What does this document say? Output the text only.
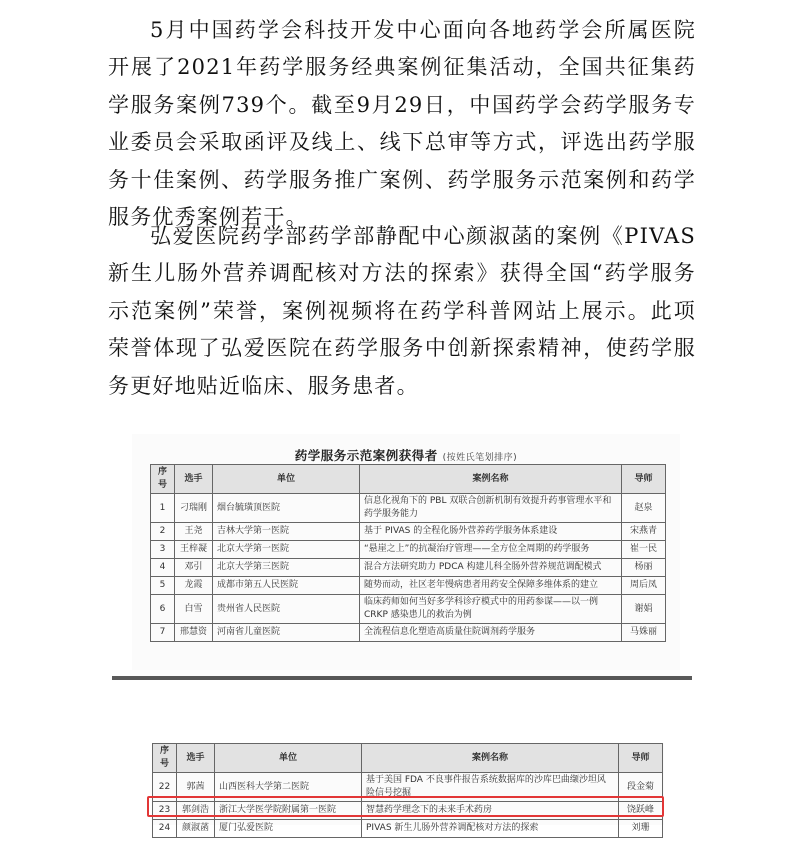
5月中国药学会科技开发中心面向各地药学会所属医院开展了2021年药学服务经典案例征集活动，全国共征集药学服务案例739个。截至9月29日，中国药学会药学服务专业委员会采取函评及线上、线下总审等方式，评选出药学服务十佳案例、药学服务推广案例、药学服务示范案例和药学服务优秀案例若干。

弘爱医院药学部药学部静配中心颜淑菡的案例《PIVAS新生儿肠外营养调配核对方法的探索》获得全国“药学服务示范案例”荣誉，案例视频将在药学科普网站上展示。此项荣誉体现了弘爱医院在药学服务中创新探索精神，使药学服务更好地贴近临床、服务患者。

药学服务示范案例获得者 (按姓氏笔划排序)
序号	选手	单位	案例名称	导师
1	刁瑞刚	烟台毓璜顶医院	信息化视角下的 PBL 双联合创新机制有效提升药事管理水平和药学服务能力	赵泉
2	王尧	吉林大学第一医院	基于 PIVAS 的全程化肠外营养药学服务体系建设	宋燕青
3	王梓凝	北京大学第一医院	“悬崖之上”的抗凝治疗管理——全方位全周期的药学服务	崔一民
4	邓引	北京大学第三医院	混合方法研究助力 PDCA 构建儿科全肠外营养规范调配模式	杨丽
5	龙霞	成都市第五人民医院	随势而动，社区老年慢病患者用药安全保障多维体系的建立	周后凤
6	白雪	贵州省人民医院	临床药师如何当好多学科诊疗模式中的用药参谋——以一例 CRKP 感染患儿的救治为例	谢娟
7	邢慧资	河南省儿童医院	全流程信息化塑造高质量住院调剂药学服务	马姝丽
序号	选手	单位	案例名称	导师
22	郭茜	山西医科大学第二医院	基于美国 FDA 不良事件报告系统数据库的沙库巴曲缬沙坦风险信号挖掘	段金菊
23	郭剑浩	浙江大学医学院附属第一医院	智慧药学理念下的未来手术药房	饶跃峰
24	颜淑菡	厦门弘爱医院	PIVAS 新生儿肠外营养调配核对方法的探索	刘珊
